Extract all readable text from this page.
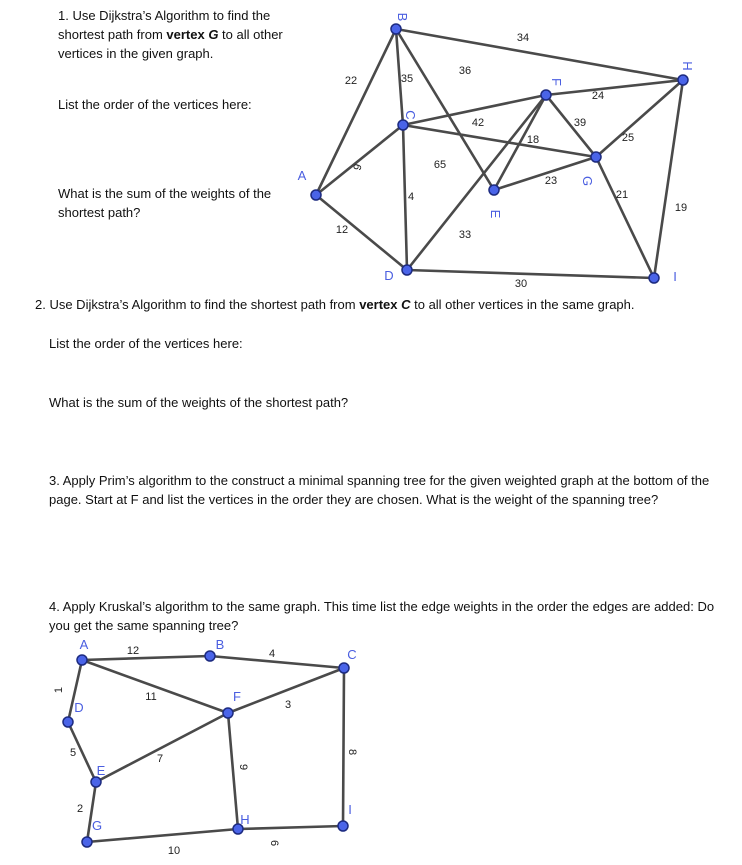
1. Use Dijkstra’s Algorithm to find the shortest path from vertex G to all other vertices in the given graph.

List the order of the vertices here:

What is the sum of the weights of the shortest path?

2. Use Dijkstra’s Algorithm to find the shortest path from vertex C to all other vertices in the same graph.

List the order of the vertices here:

What is the sum of the weights of the shortest path?

3. Apply Prim’s algorithm to the construct a minimal spanning tree for the given weighted graph at the bottom of the page. Start at F and list the vertices in the order they are chosen. What is the weight of the spanning tree?

4. Apply Kruskal’s algorithm to the same graph. This time list the edge weights in the order the edges are added: Do you get the same spanning tree?

22	35
36
34
9
12
4
65
42
33
30
18
23
24
39
25
21
19
A
B
C
D
E
F
G
H
I
12
1
11
4
3
8
5	7
2
9
10
6
A	B
C
D
E
F
G	H
I
